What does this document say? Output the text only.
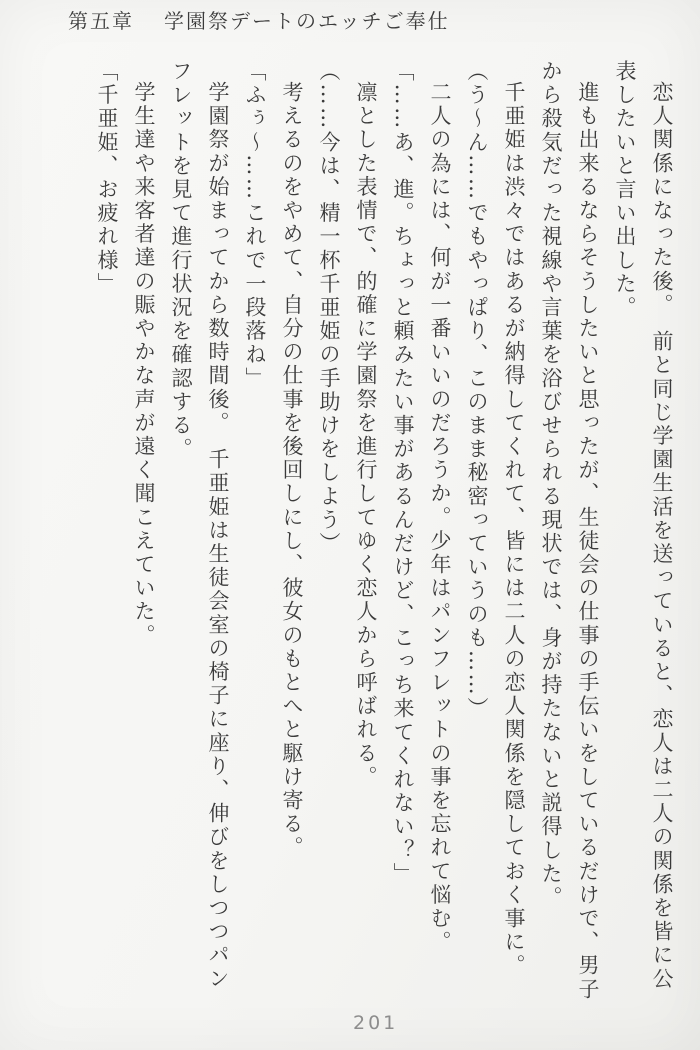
第五章 学園祭デートのエッチご奉仕

恋人関係になった後。　前と同じ学園生活を送っていると、恋人は二人の関係を皆に公表したいと言い出した。

進も出来るならそうしたいと思ったが、生徒会の仕事の手伝いをしているだけで、男子から殺気だった視線や言葉を浴びせられる現状では、身が持たないと説得した。

千亜姫は渋々ではあるが納得してくれて、皆には二人の恋人関係を隠しておく事に。

（う〜ん……でもやっぱり、このまま秘密っていうのも……）

二人の為には、何が一番いいのだろうか。少年はパンフレットの事を忘れて悩む。

「……あ、進。ちょっと頼みたい事があるんだけど、こっち来てくれない？」

凛とした表情で、的確に学園祭を進行してゆく恋人から呼ばれる。

（……今は、精一杯千亜姫の手助けをしよう）

考えるのをやめて、自分の仕事を後回しにし、彼女のもとへと駆け寄る。

「ふぅ〜……これで一段落ね」

学園祭が始まってから数時間後。　千亜姫は生徒会室の椅子に座り、伸びをしつつパンフレットを見て進行状況を確認する。

学生達や来客者達の賑やかな声が遠く聞こえていた。

「千亜姫、お疲れ様」

201
